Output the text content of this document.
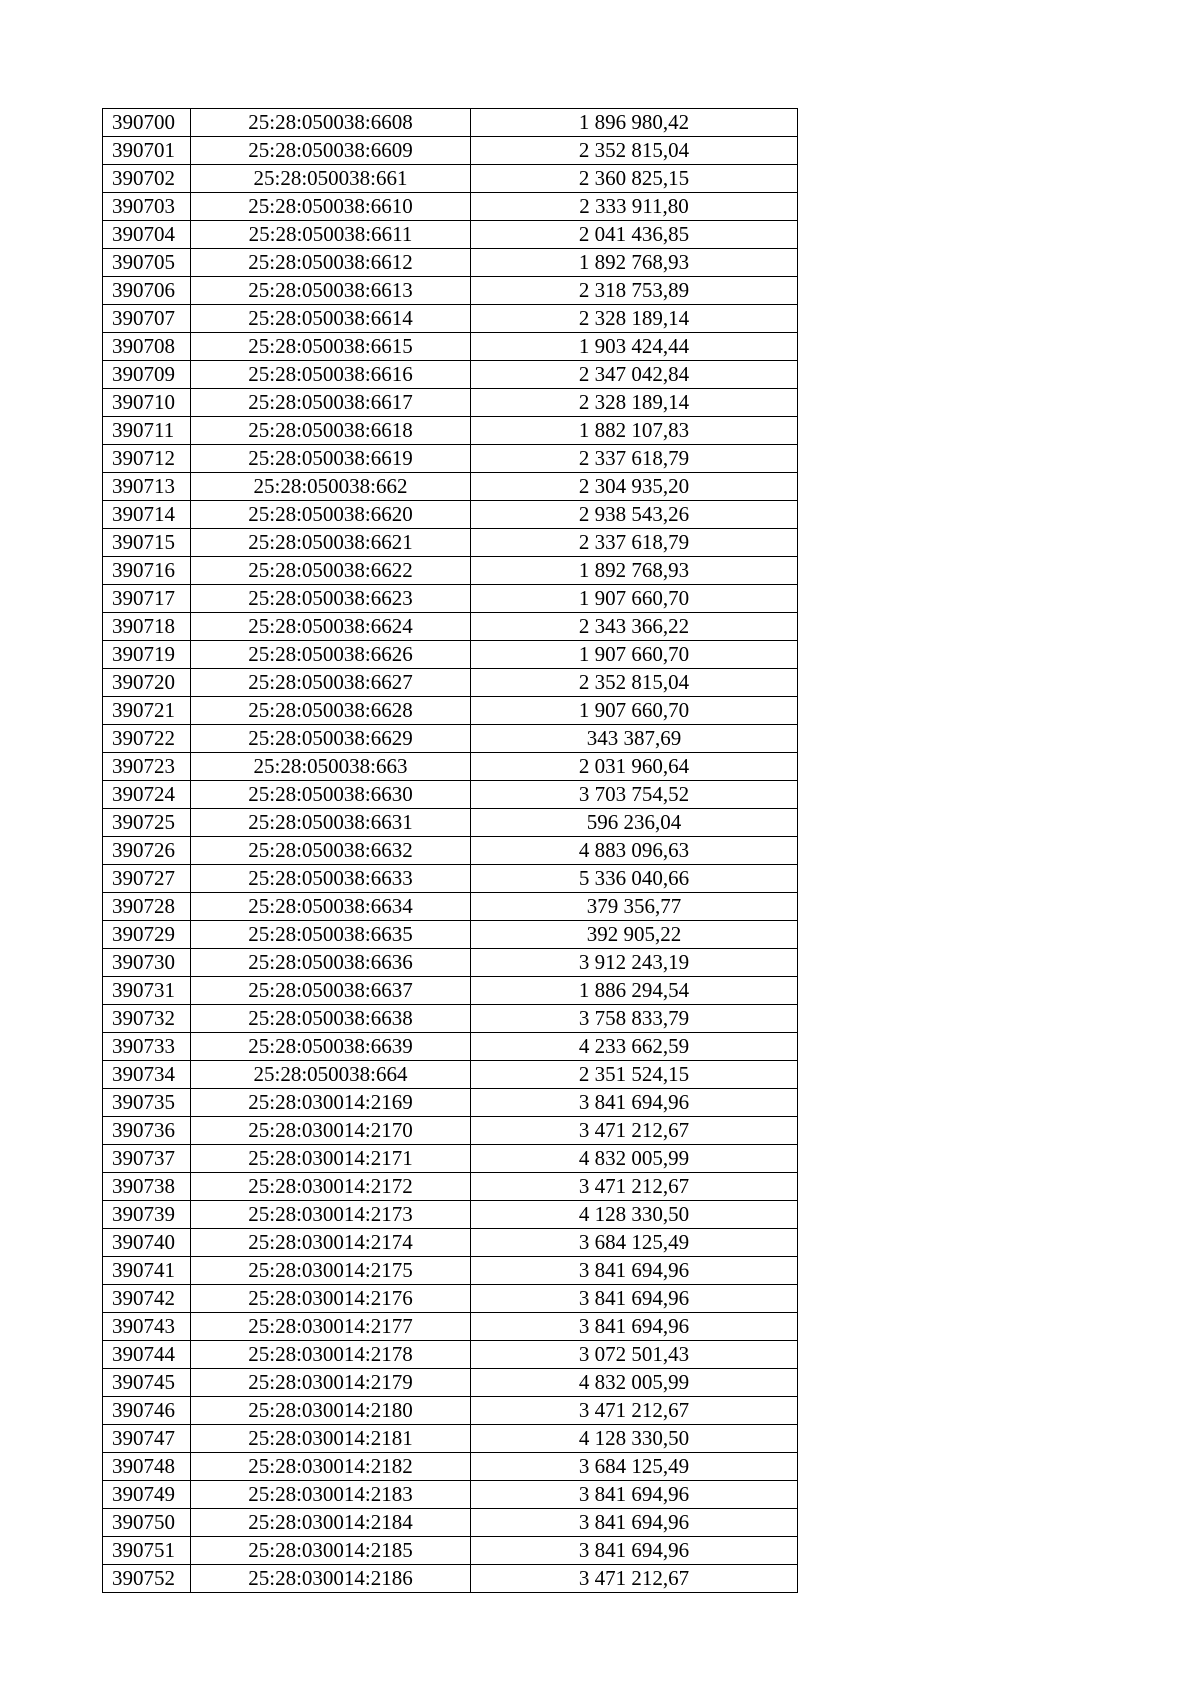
390700	25:28:050038:6608	1 896 980,42
390701	25:28:050038:6609	2 352 815,04
390702	25:28:050038:661	2 360 825,15
390703	25:28:050038:6610	2 333 911,80
390704	25:28:050038:6611	2 041 436,85
390705	25:28:050038:6612	1 892 768,93
390706	25:28:050038:6613	2 318 753,89
390707	25:28:050038:6614	2 328 189,14
390708	25:28:050038:6615	1 903 424,44
390709	25:28:050038:6616	2 347 042,84
390710	25:28:050038:6617	2 328 189,14
390711	25:28:050038:6618	1 882 107,83
390712	25:28:050038:6619	2 337 618,79
390713	25:28:050038:662	2 304 935,20
390714	25:28:050038:6620	2 938 543,26
390715	25:28:050038:6621	2 337 618,79
390716	25:28:050038:6622	1 892 768,93
390717	25:28:050038:6623	1 907 660,70
390718	25:28:050038:6624	2 343 366,22
390719	25:28:050038:6626	1 907 660,70
390720	25:28:050038:6627	2 352 815,04
390721	25:28:050038:6628	1 907 660,70
390722	25:28:050038:6629	343 387,69
390723	25:28:050038:663	2 031 960,64
390724	25:28:050038:6630	3 703 754,52
390725	25:28:050038:6631	596 236,04
390726	25:28:050038:6632	4 883 096,63
390727	25:28:050038:6633	5 336 040,66
390728	25:28:050038:6634	379 356,77
390729	25:28:050038:6635	392 905,22
390730	25:28:050038:6636	3 912 243,19
390731	25:28:050038:6637	1 886 294,54
390732	25:28:050038:6638	3 758 833,79
390733	25:28:050038:6639	4 233 662,59
390734	25:28:050038:664	2 351 524,15
390735	25:28:030014:2169	3 841 694,96
390736	25:28:030014:2170	3 471 212,67
390737	25:28:030014:2171	4 832 005,99
390738	25:28:030014:2172	3 471 212,67
390739	25:28:030014:2173	4 128 330,50
390740	25:28:030014:2174	3 684 125,49
390741	25:28:030014:2175	3 841 694,96
390742	25:28:030014:2176	3 841 694,96
390743	25:28:030014:2177	3 841 694,96
390744	25:28:030014:2178	3 072 501,43
390745	25:28:030014:2179	4 832 005,99
390746	25:28:030014:2180	3 471 212,67
390747	25:28:030014:2181	4 128 330,50
390748	25:28:030014:2182	3 684 125,49
390749	25:28:030014:2183	3 841 694,96
390750	25:28:030014:2184	3 841 694,96
390751	25:28:030014:2185	3 841 694,96
390752	25:28:030014:2186	3 471 212,67
